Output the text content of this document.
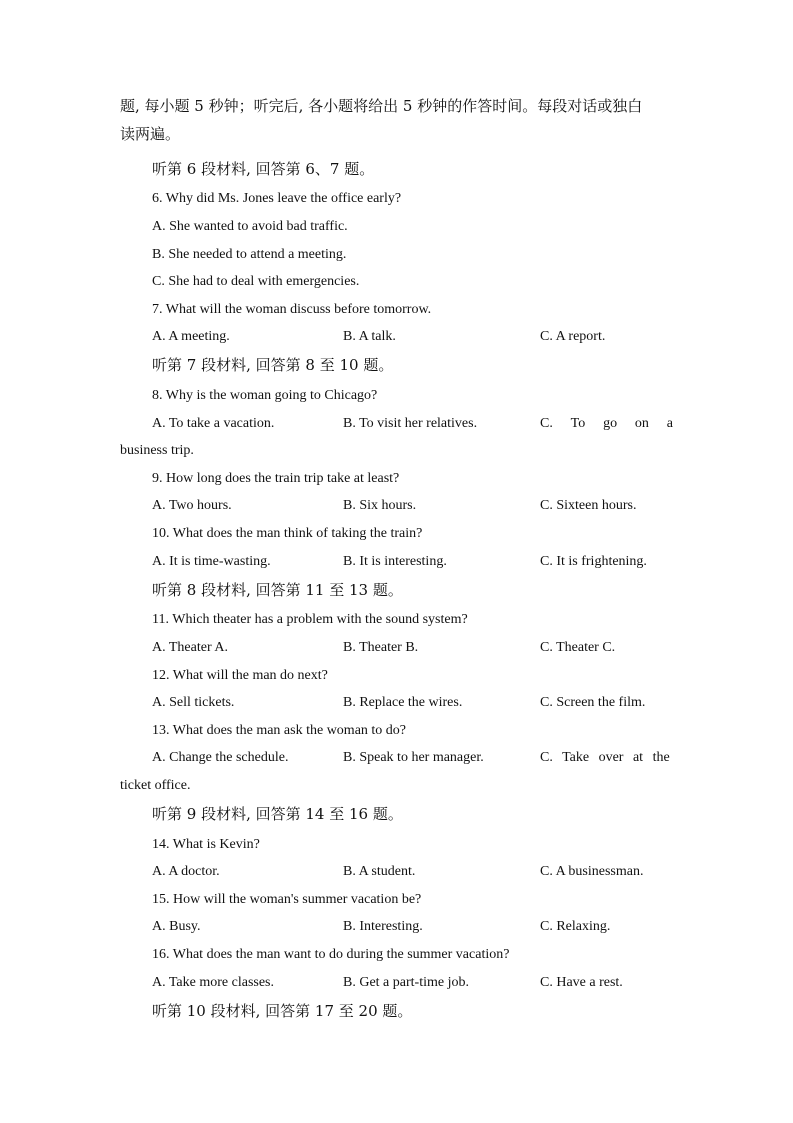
题, 每小题 5 秒钟；听完后, 各小题将给出 5 秒钟的作答时间。每段对话或独白
读两遍。
听第 6 段材料, 回答第 6、7 题。
6. Why did Ms. Jones leave the office early?
A. She wanted to avoid bad traffic.
B. She needed to attend a meeting.
C. She had to deal with emergencies.
7. What will the woman discuss before tomorrow.
A. A meeting.	B. A talk.	C. A report.
听第 7 段材料, 回答第 8 至 10 题。
8. Why is the woman going to Chicago?
A. To take a vacation.	B. To visit her relatives.	C. To go on a
business trip.
9. How long does the train trip take at least?
A. Two hours.	B. Six hours.	C. Sixteen hours.
10. What does the man think of taking the train?
A. It is time-wasting.	B. It is interesting.	C. It is frightening.
听第 8 段材料, 回答第 11 至 13 题。
11. Which theater has a problem with the sound system?
A. Theater A.	B. Theater B.	C. Theater C.
12. What will the man do next?
A. Sell tickets.	B. Replace the wires.	C. Screen the film.
13. What does the man ask the woman to do?
A. Change the schedule.	B. Speak to her manager.	C. Take over at the
ticket office.
听第 9 段材料, 回答第 14 至 16 题。
14. What is Kevin?
A. A doctor.	B. A student.	C. A businessman.
15. How will the woman's summer vacation be?
A. Busy.	B. Interesting.	C. Relaxing.
16. What does the man want to do during the summer vacation?
A. Take more classes.	B. Get a part-time job.	C. Have a rest.
听第 10 段材料, 回答第 17 至 20 题。
